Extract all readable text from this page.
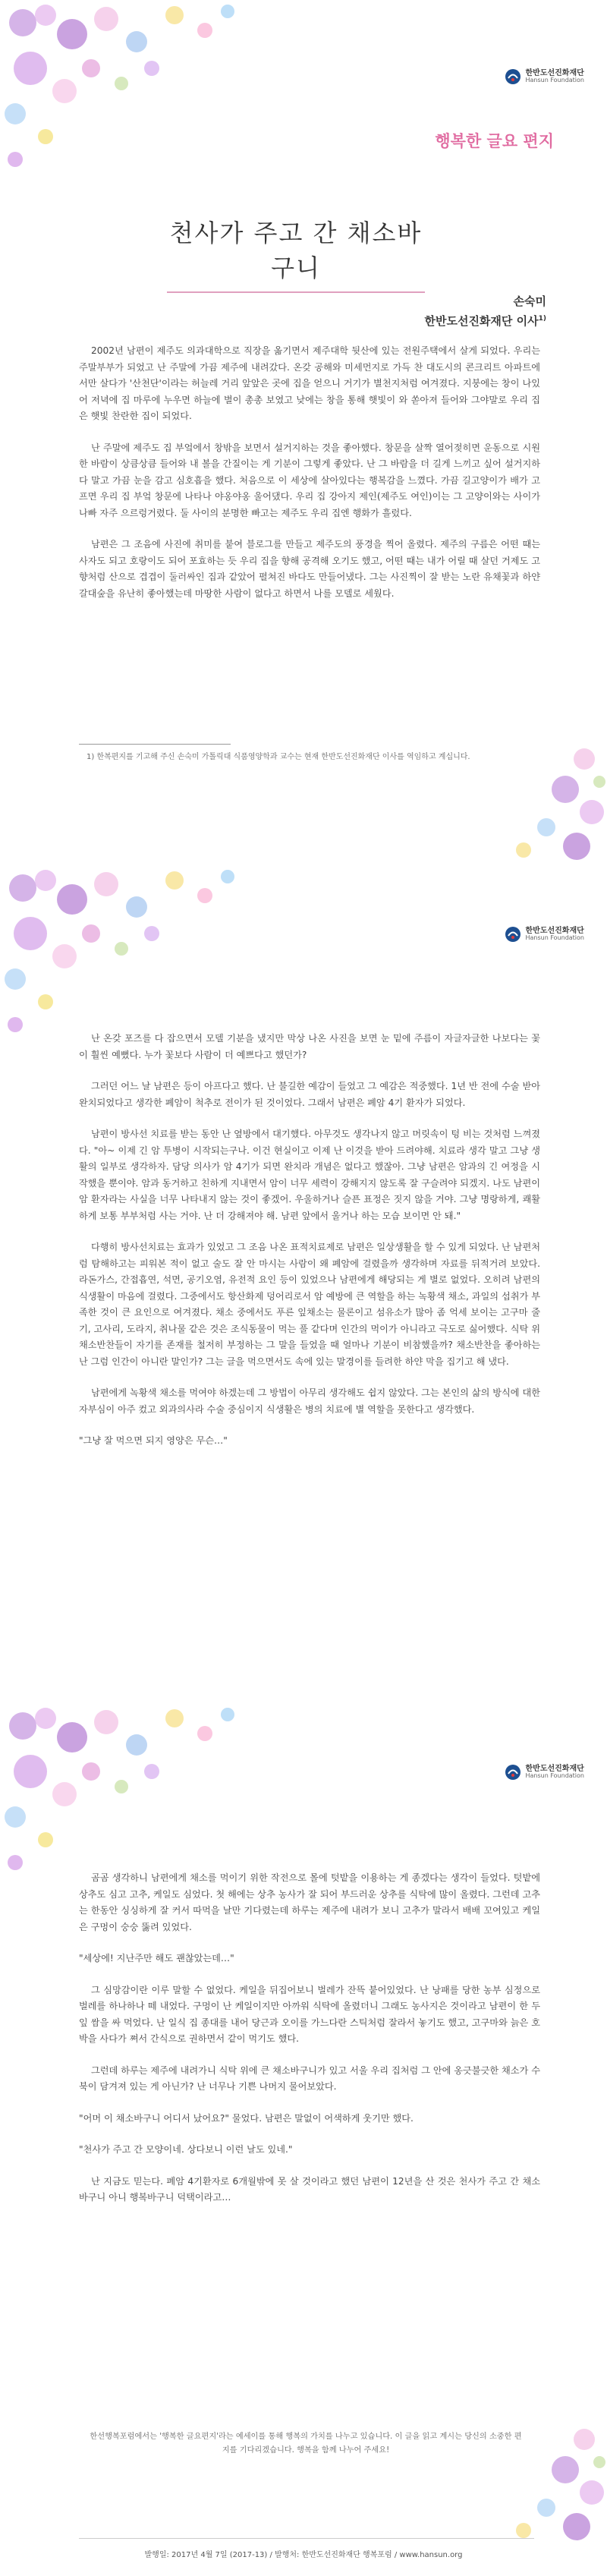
한반도선진화재단
Hansun Foundation
행복한 글요 편지
천사가 주고 간 채소바구니
손숙미
한반도선진화재단 이사$^{1)}$

2002년 남편이 제주도 의과대학으로 직장을 옮기면서 제주대학 뒷산에 있는 전원주택에서 살게 되었다. 우리는 주말부부가 되었고 난 주말에 가끔 제주에 내려갔다. 온갖 공해와 미세먼지로 가득 찬 대도시의 콘크리트 아파트에서만 살다가 '산천단'이라는 허늘레 거리 앞앞은 곳에 집을 얻으니 거기가 별천지처럼 여겨졌다. 지붕에는 창이 나있어 저녁에 집 마루에 누우면 하늘에 별이 총총 보였고 낮에는 창을 통해 햇빛이 와 쏟아져 들어와 그야말로 우리 집은 햇빛 찬란한 집이 되었다.

난 주말에 제주도 집 부엌에서 창밖을 보면서 설거지하는 것을 좋아했다. 창문을 살짝 열어젖히면 운동으로 시원한 바람이 상큼상큼 들어와 내 볼을 간질이는 게 기분이 그렇게 좋았다. 난 그 바람을 더 길게 느끼고 싶어 설거지하다 말고 가끔 눈을 감고 심호흡을 했다. 처음으로 이 세상에 살아있다는 행복감을 느꼈다. 가끔 길고양이가 배가 고프면 우리 집 부엌 창문에 나타나 야옹야옹 울어댔다. 우리 집 강아지 제인(제주도 여인)이는 그 고양이와는 사이가 나빠 자주 으르렁거렸다. 둘 사이의 분명한 빠고는 제주도 우리 집엔 행화가 흘렀다.

남편은 그 조음에 사진에 취미를 붙여 블로그를 만들고 제주도의 풍경을 찍어 올렸다. 제주의 구름은 어떤 때는 사자도 되고 호랑이도 되어 포효하는 듯 우리 집을 향해 공격해 오기도 했고, 어떤 때는 내가 어릴 때 살던 거제도 고향처럼 산으로 겹겹이 둘러싸인 집과 같았어 펼쳐진 바다도 만들어냈다. 그는 사진찍이 잘 받는 노란 유채꽃과 하얀 갈대숲을 유난히 좋아했는데 마땅한 사람이 없다고 하면서 나를 모델로 세웠다.

1) 한복편지를 기고해 주신 손숙미 가톨릭대 식품영양학과 교수는 현재 한반도선진화재단 이사를 역임하고 계십니다.
한반도선진화재단
Hansun Foundation

난 온갖 포즈를 다 잡으면서 모델 기분을 냈지만 막상 나온 사진을 보면 눈 밑에 주름이 자글자글한 나보다는 꽃이 훨씬 예뻤다. 누가 꽃보다 사람이 더 예쁘다고 했던가?

그러던 어느 날 남편은 등이 아프다고 했다. 난 불길한 예감이 들었고 그 예감은 적중했다. 1년 반 전에 수술 받아 완치되었다고 생각한 폐암이 척추로 전이가 된 것이었다. 그래서 남편은 폐암 4기 환자가 되었다.

남편이 방사선 치료를 받는 동안 난 옆방에서 대기했다. 아무것도 생각나지 않고 머릿속이 텅 비는 것처럼 느껴졌다. "아~ 이제 긴 암 투병이 시작되는구나. 이건 현실이고 이제 난 이것을 받아 드려야해. 치료라 생각 말고 그냥 생활의 일부로 생각하자. 담당 의사가 암 4기가 되면 완치라 개념은 없다고 했잖아. 그냥 남편은 암과의 긴 여정을 시작했을 뿐이야. 암과 동거하고 친하게 지내면서 암이 너무 세력이 강해지지 않도록 잘 구슬려야 되겠지. 나도 남편이 암 환자라는 사실을 너무 나타내지 않는 것이 좋겠어. 우울하거나 슬픈 표정은 짓지 않을 거야. 그냥 명랑하게, 쾌활하게 보통 부부처럼 사는 거야. 난 더 강해져야 해. 남편 앞에서 울거나 하는 모습 보이면 안 돼."

다행히 방사선치료는 효과가 있었고 그 조음 나온 표적치료제로 남편은 일상생활을 할 수 있게 되었다. 난 남편처럼 탐해하고는 피워본 적이 없고 술도 잘 안 마시는 사람이 왜 폐암에 걸렸을까 생각하며 자료를 뒤적거려 보았다. 라돈가스, 간접흡연, 석면, 공기오염, 유전적 요인 등이 있었으나 남편에게 해당되는 게 별로 없었다. 오히려 남편의 식생활이 마음에 걸렸다. 그중에서도 항산화제 덩어리로서 암 예방에 큰 역할을 하는 녹황색 채소, 과일의 섭취가 부족한 것이 큰 요인으로 여겨졌다. 채소 중에서도 푸른 잎채소는 물론이고 섬유소가 많아 좀 억세 보이는 고구마 줄기, 고사리, 도라지, 취나물 같은 것은 조식동물이 먹는 풀 같다며 인간의 먹이가 아니라고 극도로 싫어했다. 식탁 위 채소반찬들이 자기를 존재를 철저히 부정하는 그 말을 들었을 때 얼마나 기분이 비참했을까? 채소반찬을 좋아하는 난 그럼 인간이 아니란 말인가? 그는 글을 먹으면서도 속에 있는 말경이를 들려한 하얀 막을 집기고 해 냈다.

남편에게 녹황색 채소를 먹여야 하겠는데 그 방법이 아무리 생각해도 쉽지 않았다. 그는 본인의 삶의 방식에 대한 자부심이 아주 컸고 외과의사라 수술 중심이지 식생활은 병의 치료에 별 역할을 못한다고 생각했다.

"그냥 잘 먹으면 되지 영양은 무슨…"

한반도선진화재단
Hansun Foundation

곰곰 생각하니 남편에게 채소를 먹이기 위한 작전으로 몰에 텃밭을 이용하는 게 종겠다는 생각이 들었다. 텃밭에 상추도 심고 고추, 케일도 심었다. 첫 해에는 상추 농사가 잘 되어 부드러운 상추를 식탁에 많이 올렸다. 그런데 고추는 한동안 싱싱하게 잘 커서 따먹을 날만 기다렸는데 하루는 제주에 내려가 보니 고추가 말라서 배배 꼬여있고 케일은 구멍이 숭숭 뚫려 있었다.

"세상에! 지난주만 해도 괜찮았는데…"

그 심망감이란 이루 말할 수 없었다. 케일을 뒤집어보니 벌레가 잔뜩 붙어있었다. 난 낭패를 당한 농부 심정으로 벌레를 하나하나 떼 내었다. 구멍이 난 케일이지만 아까워 식탁에 올렸더니 그래도 농사지은 것이라고 남편이 한 두 잎 쌈을 싸 먹었다. 난 일식 집 종대를 내어 당근과 오이를 가느다란 스틱처럼 잘라서 놓기도 했고, 고구마와 늙은 호박을 사다가 쪄서 간식으로 권하면서 같이 먹기도 했다.

그런데 하루는 제주에 내려가니 식탁 위에 큰 채소바구니가 있고 서울 우리 집처럼 그 안에 옹긋불긋한 채소가 수북이 담겨져 있는 게 아닌가? 난 너무나 기쁜 나머지 물어보았다.

"어머 이 채소바구니 어디서 났어요?" 물었다. 남편은 말없이 어색하게 웃기만 했다.

"천사가 주고 간 모양이네. 상다보니 이런 날도 있네."

난 지금도 믿는다. 폐암 4기환자로 6개월밖에 못 살 것이라고 했던 남편이 12년을 산 것은 천사가 주고 간 채소바구니 아니 행복바구니 덕택이라고…

한선행복포럼에서는 '행복한 글요편지'라는 예세이를 통해 행복의 가치를 나누고 있습니다. 이 글을 읽고 계시는 당신의 소중한 편지를 기다리겠습니다. 행복을 함께 나누어 주세요!
발행일: 2017년 4월 7일 (2017-13) / 발행처: 한반도선진화재단 행복포럼 / www.hansun.org
